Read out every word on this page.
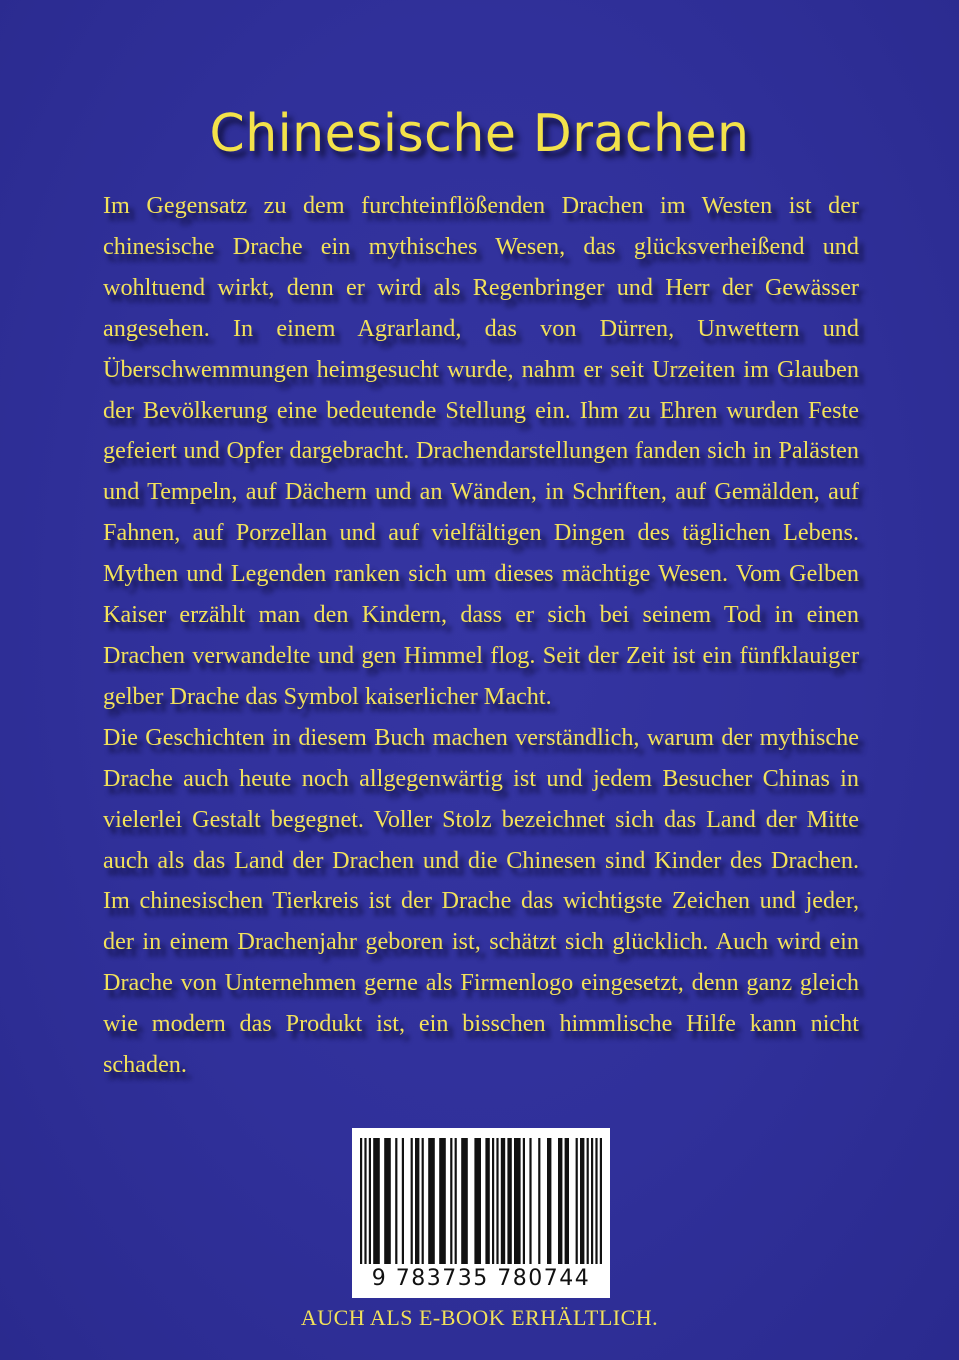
Chinesische Drachen

Im Gegensatz zu dem furchteinflößenden Drachen im Westen ist der chinesische Drache ein mythisches Wesen, das glücksverheißend und wohltuend wirkt, denn er wird als Regenbringer und Herr der Gewässer angesehen. In einem Agrarland, das von Dürren, Unwettern und Überschwemmungen heimgesucht wurde, nahm er seit Urzeiten im Glauben der Bevölkerung eine bedeutende Stellung ein. Ihm zu Ehren wurden Feste gefeiert und Opfer dargebracht. Drachendarstellungen fanden sich in Palästen und Tempeln, auf Dächern und an Wänden, in Schriften, auf Gemälden, auf Fahnen, auf Porzellan und auf vielfältigen Dingen des täglichen Lebens. Mythen und Legenden ranken sich um dieses mächtige Wesen. Vom Gelben Kaiser erzählt man den Kindern, dass er sich bei seinem Tod in einen Drachen verwandelte und gen Himmel flog. Seit der Zeit ist ein fünfklauiger gelber Drache das Symbol kaiserlicher Macht.

Die Geschichten in diesem Buch machen verständlich, warum der mythische Drache auch heute noch allgegenwärtig ist und jedem Besucher Chinas in vielerlei Gestalt begegnet. Voller Stolz bezeichnet sich das Land der Mitte auch als das Land der Drachen und die Chinesen sind Kinder des Drachen. Im chinesischen Tierkreis ist der Drache das wichtigste Zeichen und jeder, der in einem Drachenjahr geboren ist, schätzt sich glücklich. Auch wird ein Drache von Unternehmen gerne als Firmenlogo eingesetzt, denn ganz gleich wie modern das Produkt ist, ein bisschen himmlische Hilfe kann nicht schaden.

9 783735 780744
AUCH ALS E-BOOK ERHÄLTLICH.
